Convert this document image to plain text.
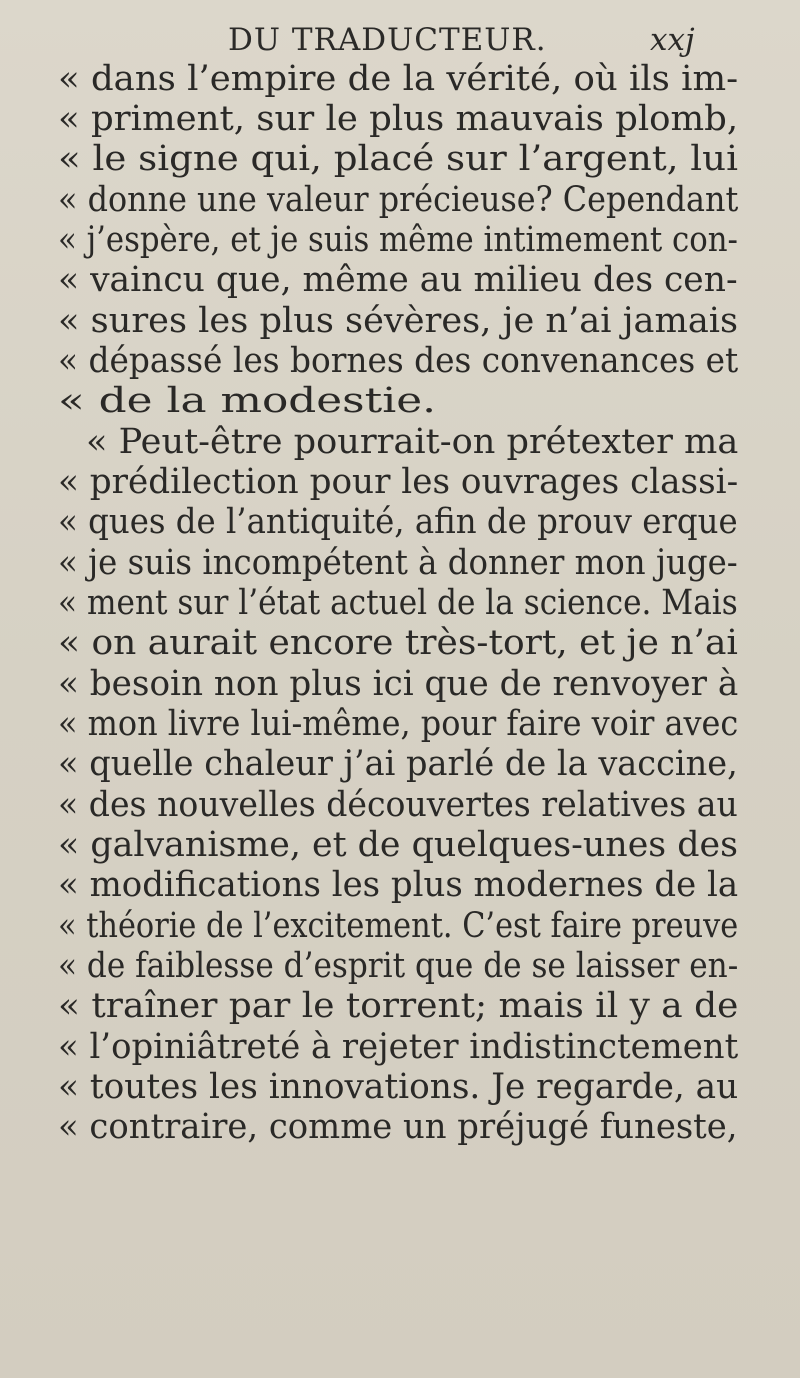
DU TRADUCTEUR.	xxj
« dans l’empire de la vérité, où ils im-
« priment, sur le plus mauvais plomb,
« le signe qui, placé sur l’argent, lui
« donne une valeur précieuse? Cependant
« j’espère, et je suis même intimement con-
« vaincu que, même au milieu des cen-
« sures les plus sévères, je n’ai jamais
« dépassé les bornes des convenances et
« de la modestie.
« Peut-être pourrait-on prétexter ma
« prédilection pour les ouvrages classi-
« ques de l’antiquité, afin de prouv erque
« je suis incompétent à donner mon juge-
« ment sur l’état actuel de la science. Mais
« on aurait encore très-tort, et je n’ai
« besoin non plus ici que de renvoyer à
« mon livre lui-même, pour faire voir avec
« quelle chaleur j’ai parlé de la vaccine,
« des nouvelles découvertes relatives au
« galvanisme, et de quelques-unes des
« modifications les plus modernes de la
« théorie de l’excitement. C’est faire preuve
« de faiblesse d’esprit que de se laisser en-
« traîner par le torrent; mais il y a de
« l’opiniâtreté à rejeter indistinctement
« toutes les innovations. Je regarde, au
« contraire, comme un préjugé funeste,
